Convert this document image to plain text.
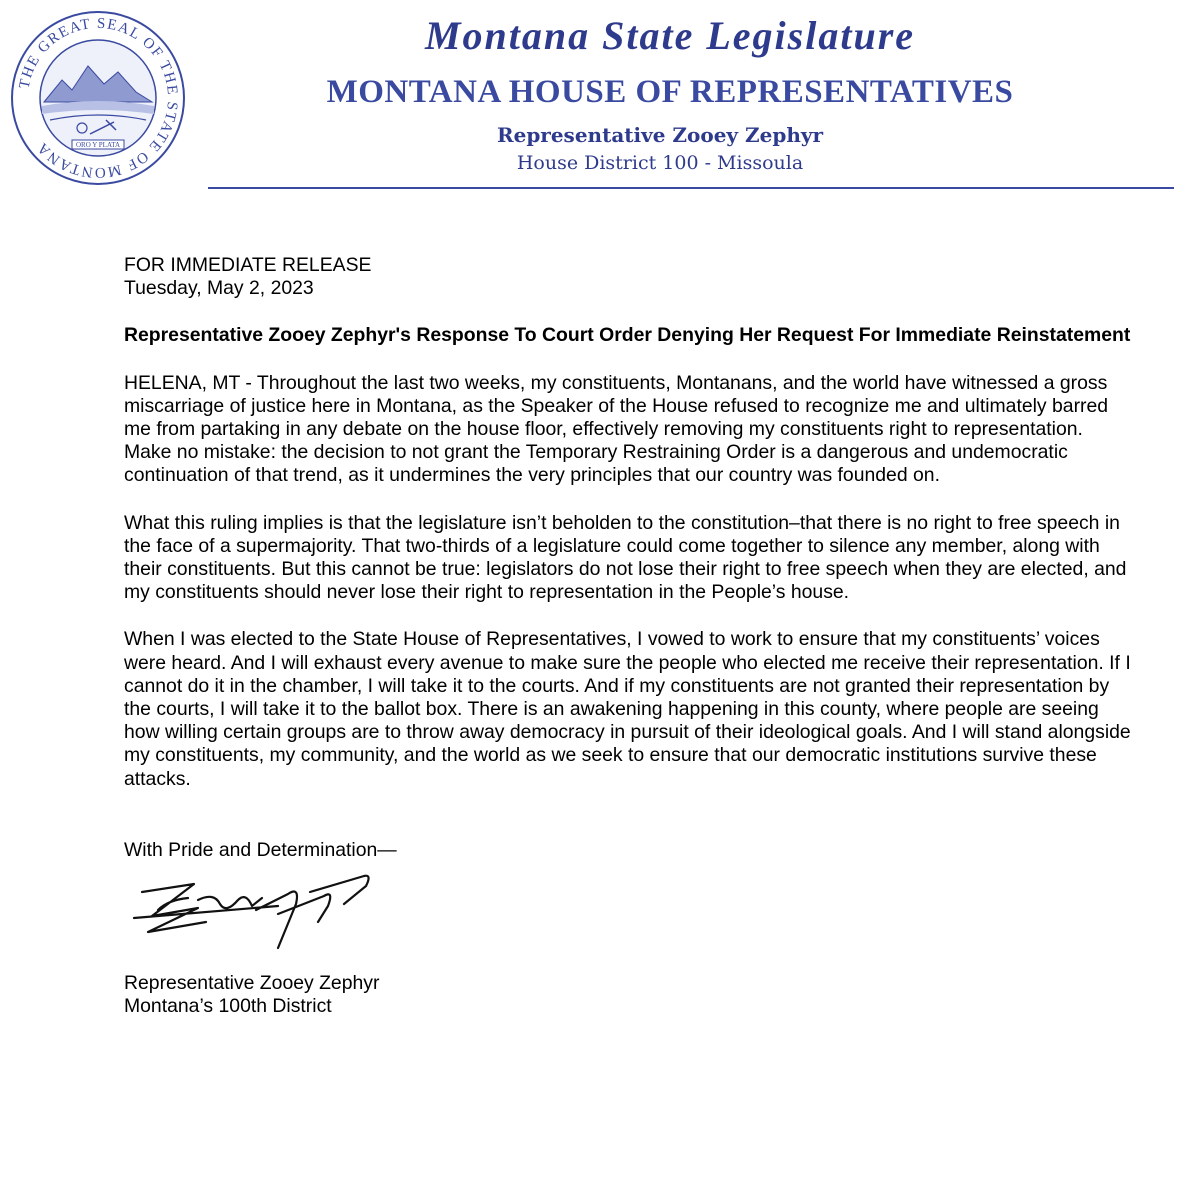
THE GREAT SEAL OF THE STATE OF MONTANA	ORO Y PLATA
Montana State Legislature
MONTANA HOUSE OF REPRESENTATIVES
Representative Zooey Zephyr
House District 100 - Missoula

FOR IMMEDIATE RELEASE

Tuesday, May 2, 2023

Representative Zooey Zephyr's Response To Court Order Denying Her Request For Immediate Reinstatement

HELENA, MT - Throughout the last two weeks, my constituents, Montanans, and the world have witnessed a gross miscarriage of justice here in Montana, as the Speaker of the House refused to recognize me and ultimately barred me from partaking in any debate on the house floor, effectively removing my constituents right to representation. Make no mistake: the decision to not grant the Temporary Restraining Order is a dangerous and undemocratic continuation of that trend, as it undermines the very principles that our country was founded on.

What this ruling implies is that the legislature isn’t beholden to the constitution–that there is no right to free speech in the face of a supermajority. That two-thirds of a legislature could come together to silence any member, along with their constituents. But this cannot be true: legislators do not lose their right to free speech when they are elected, and my constituents should never lose their right to representation in the People’s house.

When I was elected to the State House of Representatives, I vowed to work to ensure that my constituents’ voices were heard. And I will exhaust every avenue to make sure the people who elected me receive their representation. If I cannot do it in the chamber, I will take it to the courts. And if my constituents are not granted their representation by the courts, I will take it to the ballot box. There is an awakening happening in this county, where people are seeing how willing certain groups are to throw away democracy in pursuit of their ideological goals. And I will stand alongside my constituents, my community, and the world as we seek to ensure that our democratic institutions survive these attacks.

With Pride and Determination—

Representative Zooey Zephyr

Montana’s 100th District
